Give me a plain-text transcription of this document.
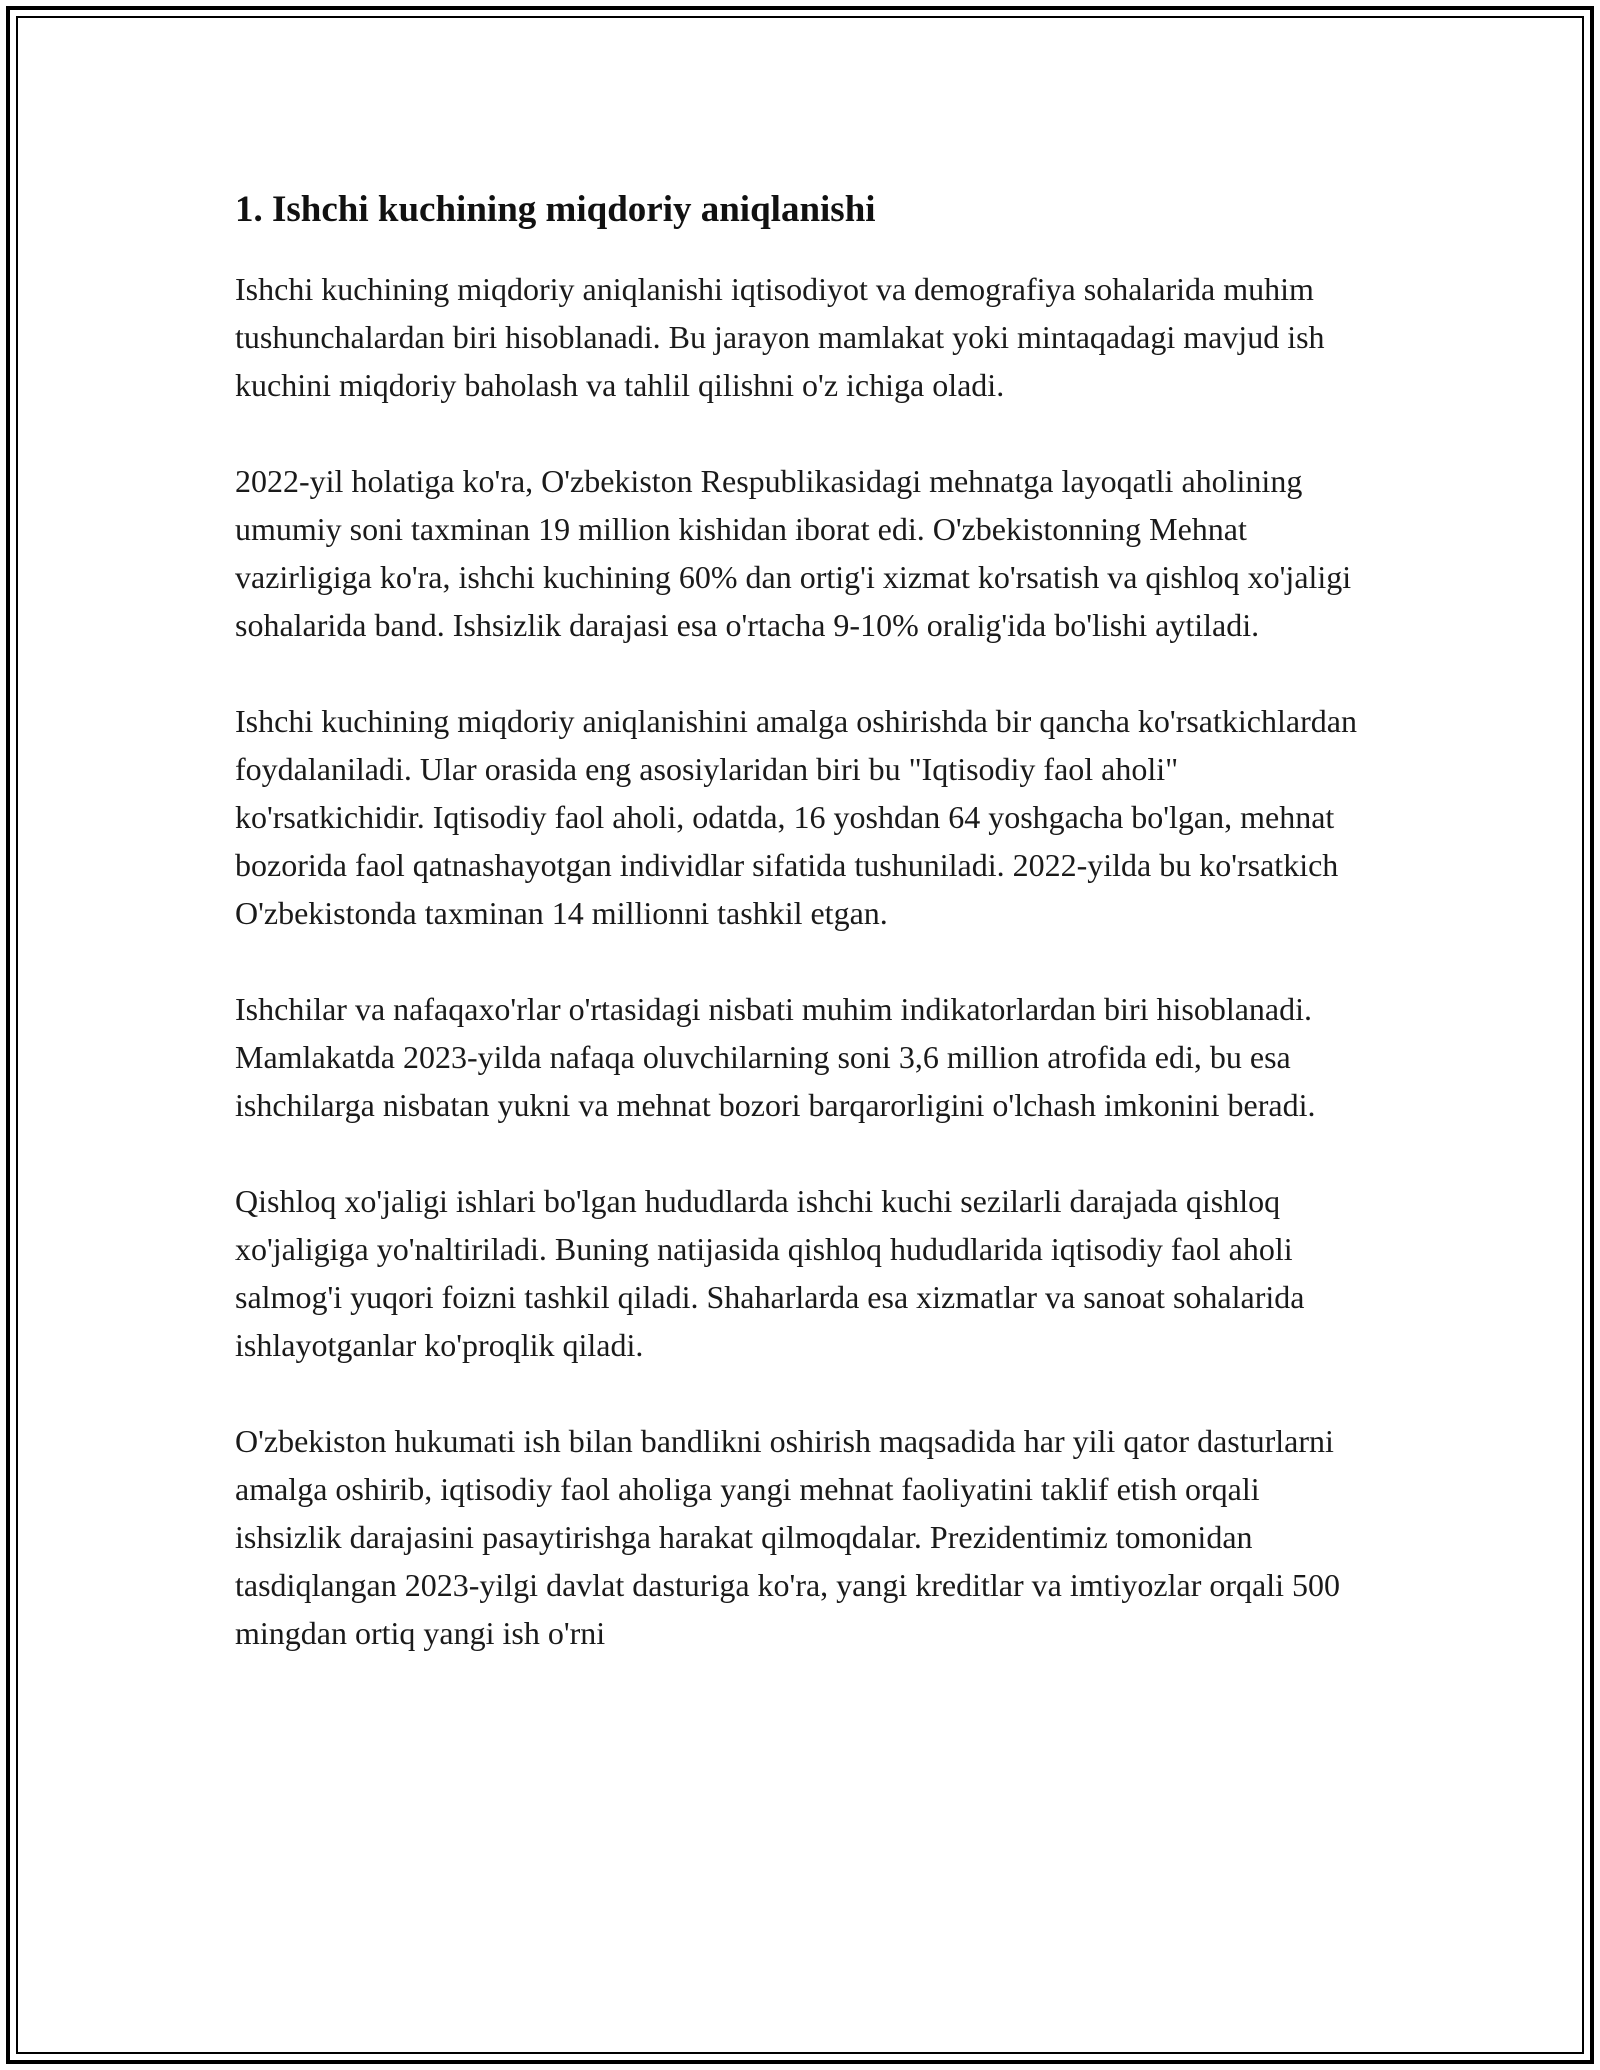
1. Ishchi kuchining miqdoriy aniqlanishi

Ishchi kuchining miqdoriy aniqlanishi iqtisodiyot va demografiya sohalarida muhim tushunchalardan biri hisoblanadi. Bu jarayon mamlakat yoki mintaqadagi mavjud ish kuchini miqdoriy baholash va tahlil qilishni o'z ichiga oladi.

2022-yil holatiga ko'ra, O'zbekiston Respublikasidagi mehnatga layoqatli aholining umumiy soni taxminan 19 million kishidan iborat edi. O'zbekistonning Mehnat vazirligiga ko'ra, ishchi kuchining 60% dan ortig'i xizmat ko'rsatish va qishloq xo'jaligi sohalarida band. Ishsizlik darajasi esa o'rtacha 9-10% oralig'ida bo'lishi aytiladi.

Ishchi kuchining miqdoriy aniqlanishini amalga oshirishda bir qancha ko'rsatkichlardan foydalaniladi. Ular orasida eng asosiylaridan biri bu "Iqtisodiy faol aholi" ko'rsatkichidir. Iqtisodiy faol aholi, odatda, 16 yoshdan 64 yoshgacha bo'lgan, mehnat bozorida faol qatnashayotgan individlar sifatida tushuniladi. 2022-yilda bu ko'rsatkich O'zbekistonda taxminan 14 millionni tashkil etgan.

Ishchilar va nafaqaxo'rlar o'rtasidagi nisbati muhim indikatorlardan biri hisoblanadi. Mamlakatda 2023-yilda nafaqa oluvchilarning soni 3,6 million atrofida edi, bu esa ishchilarga nisbatan yukni va mehnat bozori barqarorligini o'lchash imkonini beradi.

Qishloq xo'jaligi ishlari bo'lgan hududlarda ishchi kuchi sezilarli darajada qishloq xo'jaligiga yo'naltiriladi. Buning natijasida qishloq hududlarida iqtisodiy faol aholi salmog'i yuqori foizni tashkil qiladi. Shaharlarda esa xizmatlar va sanoat sohalarida ishlayotganlar ko'proqlik qiladi.

O'zbekiston hukumati ish bilan bandlikni oshirish maqsadida har yili qator dasturlarni amalga oshirib, iqtisodiy faol aholiga yangi mehnat faoliyatini taklif etish orqali ishsizlik darajasini pasaytirishga harakat qilmoqdalar. Prezidentimiz tomonidan tasdiqlangan 2023-yilgi davlat dasturiga ko'ra, yangi kreditlar va imtiyozlar orqali 500 mingdan ortiq yangi ish o'rni
